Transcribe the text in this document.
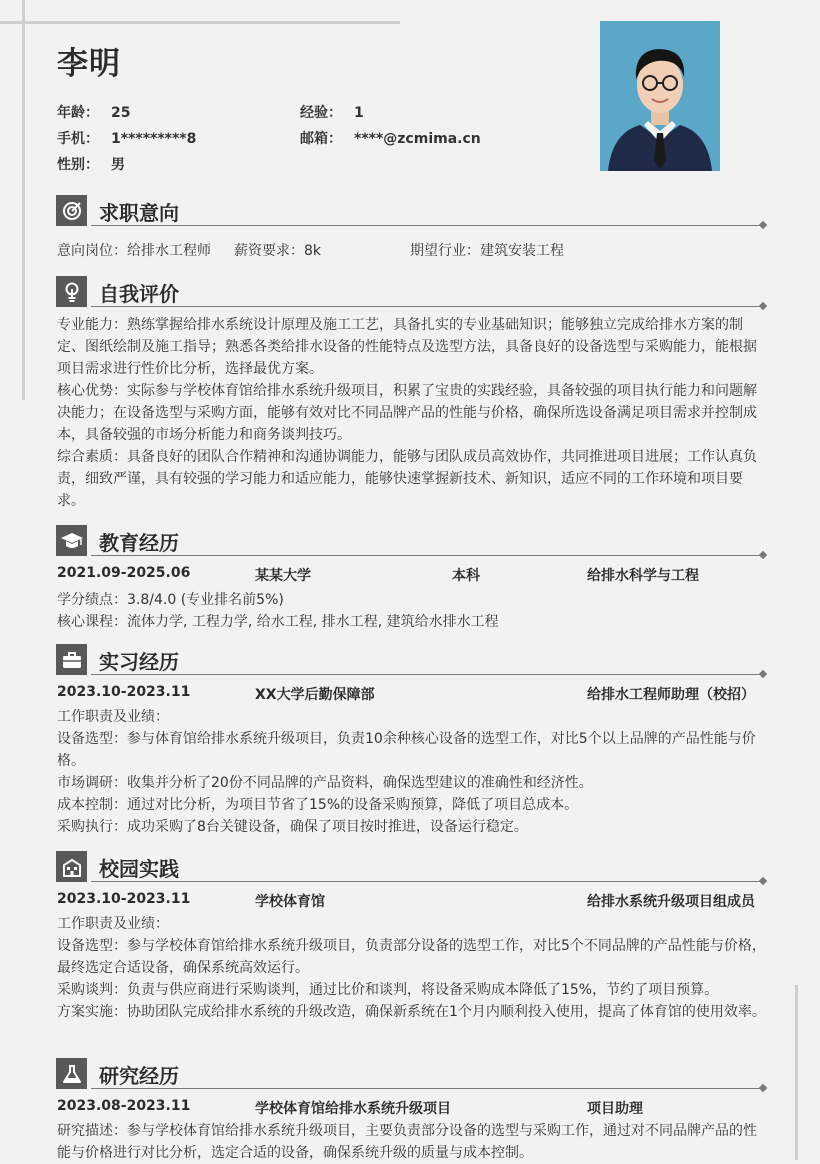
李明
年龄： 25	经验： 1
手机： 1*********8	邮箱： ****@zcmima.cn
性别： 男
求职意向
意向岗位：给排水工程师 薪资要求：8k	期望行业：建筑安装工程
自我评价

专业能力：熟练掌握给排水系统设计原理及施工工艺，具备扎实的专业基础知识；能够独立完成给排水方案的制定、图纸绘制及施工指导；熟悉各类给排水设备的性能特点及选型方法，具备良好的设备选型与采购能力，能根据项目需求进行性价比分析，选择最优方案。

核心优势：实际参与学校体育馆给排水系统升级项目，积累了宝贵的实践经验，具备较强的项目执行能力和问题解决能力；在设备选型与采购方面，能够有效对比不同品牌产品的性能与价格，确保所选设备满足项目需求并控制成本，具备较强的市场分析能力和商务谈判技巧。

综合素质：具备良好的团队合作精神和沟通协调能力，能够与团队成员高效协作，共同推进项目进展；工作认真负责，细致严谨，具有较强的学习能力和适应能力，能够快速掌握新技术、新知识，适应不同的工作环境和项目要求。

教育经历
2021.09-2025.06	某某大学	本科	给排水科学与工程
学分绩点：3.8/4.0 (专业排名前5%)
核心课程：流体力学, 工程力学, 给水工程, 排水工程, 建筑给水排水工程
实习经历
2023.10-2023.11	XX大学后勤保障部	给排水工程师助理（校招）

工作职责及业绩：

设备选型：参与体育馆给排水系统升级项目，负责10余种核心设备的选型工作，对比5个以上品牌的产品性能与价格。

市场调研：收集并分析了20份不同品牌的产品资料，确保选型建议的准确性和经济性。

成本控制：通过对比分析，为项目节省了15%的设备采购预算，降低了项目总成本。

采购执行：成功采购了8台关键设备，确保了项目按时推进，设备运行稳定。

校园实践
2023.10-2023.11	学校体育馆	给排水系统升级项目组成员

工作职责及业绩：

设备选型：参与学校体育馆给排水系统升级项目，负责部分设备的选型工作，对比5个不同品牌的产品性能与价格，最终选定合适设备，确保系统高效运行。

采购谈判：负责与供应商进行采购谈判，通过比价和谈判，将设备采购成本降低了15%，节约了项目预算。

方案实施：协助团队完成给排水系统的升级改造，确保新系统在1个月内顺利投入使用，提高了体育馆的使用效率。

研究经历
2023.08-2023.11	学校体育馆给排水系统升级项目	项目助理

研究描述：参与学校体育馆给排水系统升级项目，主要负责部分设备的选型与采购工作，通过对不同品牌产品的性能与价格进行对比分析，选定合适的设备，确保系统升级的质量与成本控制。
